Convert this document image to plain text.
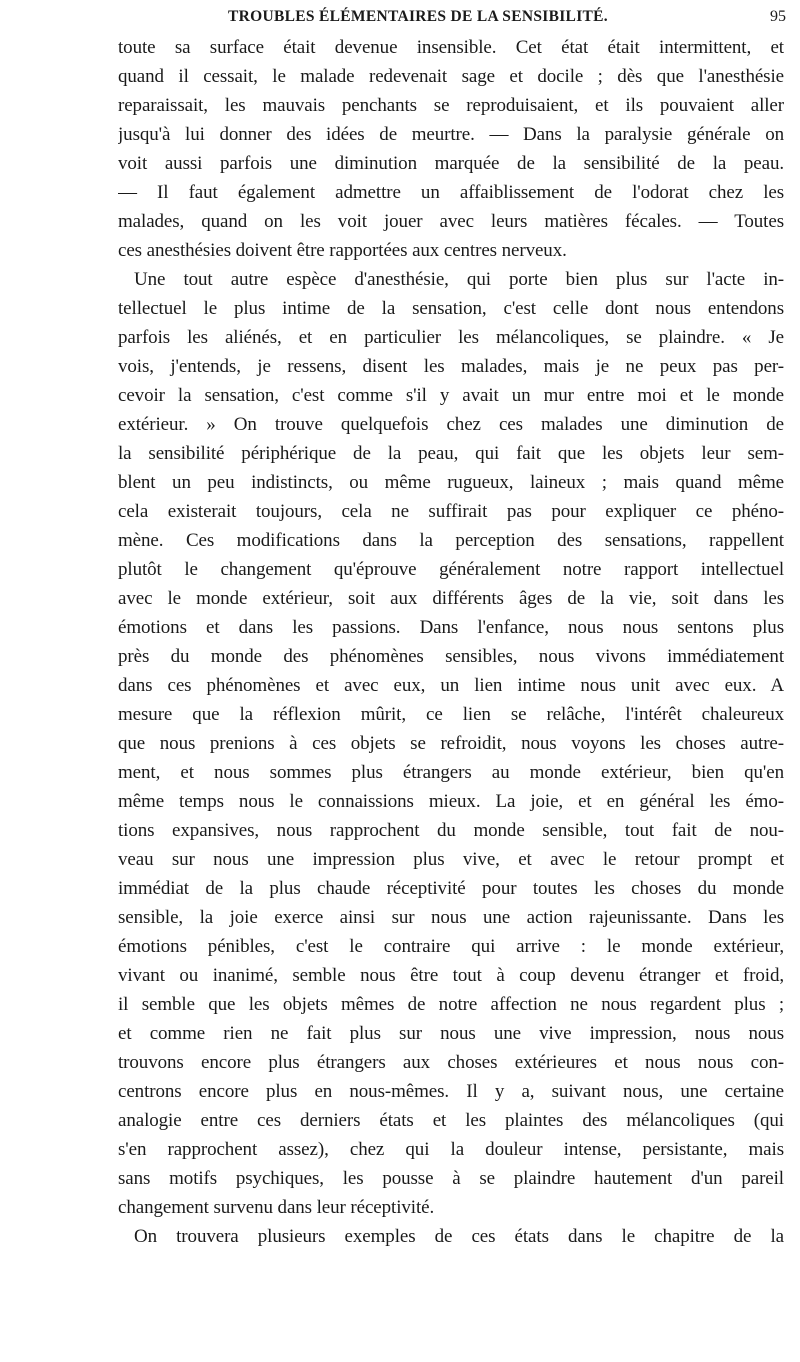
TROUBLES ÉLÉMENTAIRES DE LA SENSIBILITÉ.	95
toute sa surface était devenue insensible. Cet état était intermittent, et
quand il cessait, le malade redevenait sage et docile ; dès que l'anesthésie
reparaissait, les mauvais penchants se reproduisaient, et ils pouvaient aller
jusqu'à lui donner des idées de meurtre. — Dans la paralysie générale on
voit aussi parfois une diminution marquée de la sensibilité de la peau.
— Il faut également admettre un affaiblissement de l'odorat chez les
malades, quand on les voit jouer avec leurs matières fécales. — Toutes
ces anesthésies doivent être rapportées aux centres nerveux.
Une tout autre espèce d'anesthésie, qui porte bien plus sur l'acte in-
tellectuel le plus intime de la sensation, c'est celle dont nous entendons
parfois les aliénés, et en particulier les mélancoliques, se plaindre. « Je
vois, j'entends, je ressens, disent les malades, mais je ne peux pas per-
cevoir la sensation, c'est comme s'il y avait un mur entre moi et le monde
extérieur. » On trouve quelquefois chez ces malades une diminution de
la sensibilité périphérique de la peau, qui fait que les objets leur sem-
blent un peu indistincts, ou même rugueux, laineux ; mais quand même
cela existerait toujours, cela ne suffirait pas pour expliquer ce phéno-
mène. Ces modifications dans la perception des sensations, rappellent
plutôt le changement qu'éprouve généralement notre rapport intellectuel
avec le monde extérieur, soit aux différents âges de la vie, soit dans les
émotions et dans les passions. Dans l'enfance, nous nous sentons plus
près du monde des phénomènes sensibles, nous vivons immédiatement
dans ces phénomènes et avec eux, un lien intime nous unit avec eux. A
mesure que la réflexion mûrit, ce lien se relâche, l'intérêt chaleureux
que nous prenions à ces objets se refroidit, nous voyons les choses autre-
ment, et nous sommes plus étrangers au monde extérieur, bien qu'en
même temps nous le connaissions mieux. La joie, et en général les émo-
tions expansives, nous rapprochent du monde sensible, tout fait de nou-
veau sur nous une impression plus vive, et avec le retour prompt et
immédiat de la plus chaude réceptivité pour toutes les choses du monde
sensible, la joie exerce ainsi sur nous une action rajeunissante. Dans les
émotions pénibles, c'est le contraire qui arrive : le monde extérieur,
vivant ou inanimé, semble nous être tout à coup devenu étranger et froid,
il semble que les objets mêmes de notre affection ne nous regardent plus ;
et comme rien ne fait plus sur nous une vive impression, nous nous
trouvons encore plus étrangers aux choses extérieures et nous nous con-
centrons encore plus en nous-mêmes. Il y a, suivant nous, une certaine
analogie entre ces derniers états et les plaintes des mélancoliques (qui
s'en rapprochent assez), chez qui la douleur intense, persistante, mais
sans motifs psychiques, les pousse à se plaindre hautement d'un pareil
changement survenu dans leur réceptivité.
On trouvera plusieurs exemples de ces états dans le chapitre de la
